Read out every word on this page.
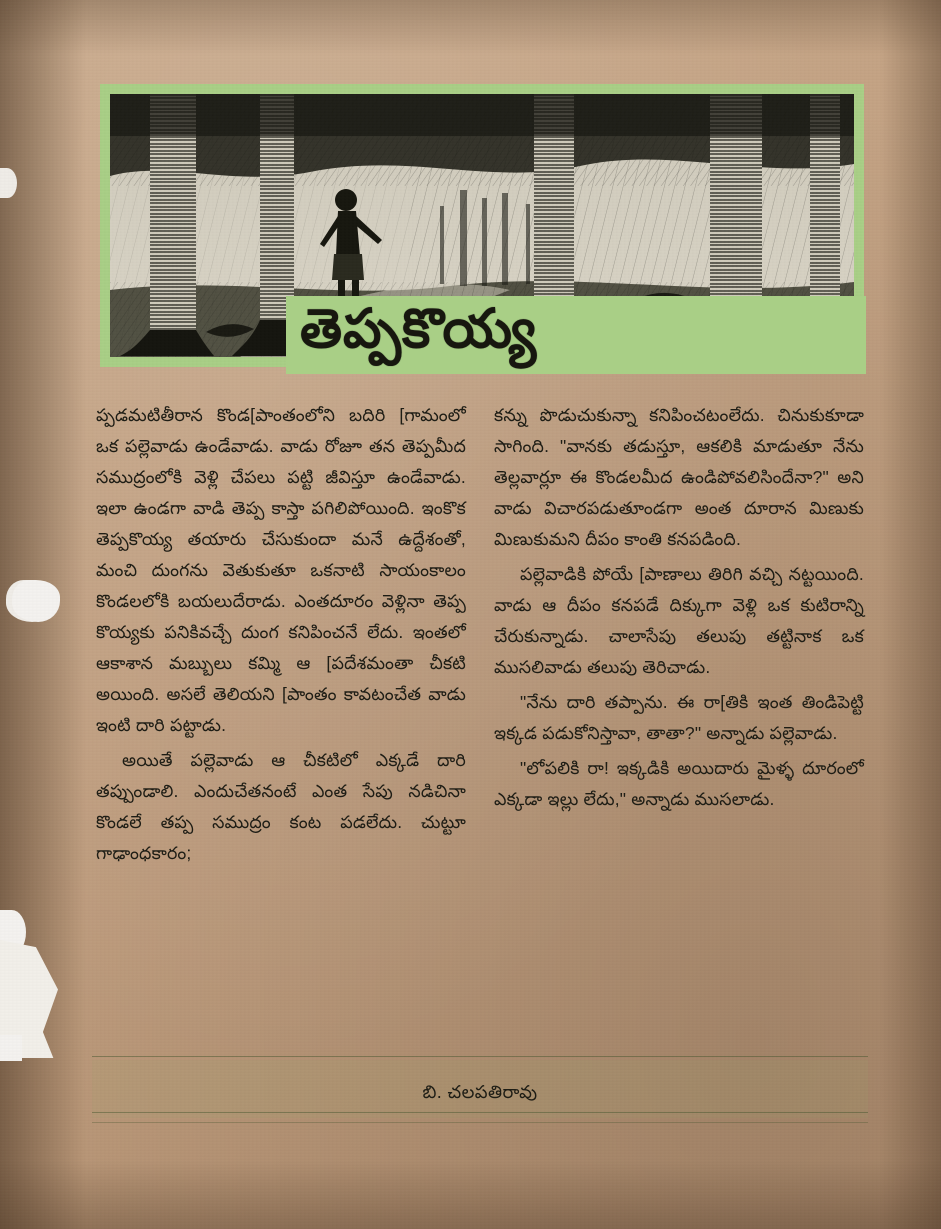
తెప్పకొయ్య

ప్పడమటితీరాన కొండ[పాంతంలోని బదిరి [గామంలో ఒక పల్లెవాడు ఉండేవాడు. వాడు రోజూ తన తెప్పమీద సముద్రంలోకి వెళ్లి చేపలు పట్టి జీవిస్తూ ఉండేవాడు. ఇలా ఉండగా వాడి తెప్ప కాస్తా పగిలిపోయింది. ఇంకొక తెప్పకొయ్య తయారు చేసుకుందా మనే ఉద్దేశంతో, మంచి దుంగను వెతుకుతూ ఒకనాటి సాయంకాలం కొండలలోకి బయలుదేరాడు. ఎంతదూరం వెళ్లినా తెప్ప కొయ్యకు పనికివచ్చే దుంగ కనిపించనే లేదు. ఇంతలో ఆకాశాన మబ్బులు కమ్మి ఆ [పదేశమంతా చీకటి అయింది. అసలే తెలియని [పాంతం కావటంచేత వాడు ఇంటి దారి పట్టాడు.

అయితే పల్లెవాడు ఆ చీకటిలో ఎక్కడే దారి తప్పుండాలి. ఎందుచేతనంటే ఎంత సేపు నడిచినా కొండలే తప్ప సముద్రం కంట పడలేదు. చుట్టూ గాఢాంధకారం;

కన్ను పొడుచుకున్నా కనిపించటంలేదు. చినుకుకూడా సాగింది. "వానకు తడుస్తూ, ఆకలికి మాడుతూ నేను తెల్లవార్లూ ఈ కొండలమీద ఉండిపోవలిసిందేనా?" అని వాడు విచారపడుతూండగా అంత దూరాన మిణుకు మిణుకుమని దీపం కాంతి కనపడింది.

పల్లెవాడికి పోయే [పాణాలు తిరిగి వచ్చి నట్టయింది. వాడు ఆ దీపం కనపడే దిక్కుగా వెళ్లి ఒక కుటిరాన్ని చేరుకున్నాడు. చాలాసేపు తలుపు తట్టినాక ఒక ముసలివాడు తలుపు తెరిచాడు.

"నేను దారి తప్పాను. ఈ రా[తికి ఇంత తిండిపెట్టి ఇక్కడ పడుకోనిస్తావా, తాతా?" అన్నాడు పల్లెవాడు.

"లోపలికి రా! ఇక్కడికి అయిదారు మైళ్ళ దూరంలో ఎక్కడా ఇల్లు లేదు," అన్నాడు ముసలాడు.

బి. చలపతిరావు
